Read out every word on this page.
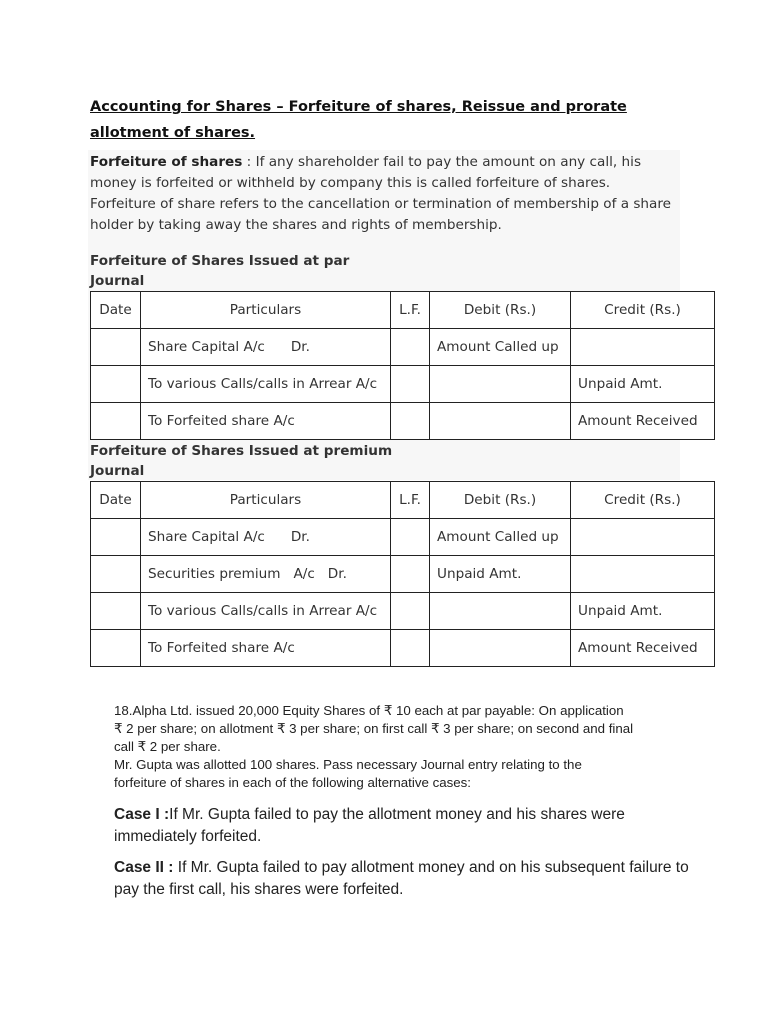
Accounting for Shares – Forfeiture of shares, Reissue and prorate allotment of shares.
Forfeiture of shares : If any shareholder fail to pay the amount on any call, his money is forfeited or withheld by company this is called forfeiture of shares.
Forfeiture of share refers to the cancellation or termination of membership of a share holder by taking away the shares and rights of membership.
Forfeiture of Shares Issued at par
Journal
Date	Particulars	L.F.	Debit (Rs.)	Credit (Rs.)
	Share Capital A/c      Dr.		Amount Called up	
	To various Calls/calls in Arrear A/c			Unpaid Amt.
	To Forfeited share A/c			Amount Received
Forfeiture of Shares Issued at premium
Journal
Date	Particulars	L.F.	Debit (Rs.)	Credit (Rs.)
	Share Capital A/c      Dr.		Amount Called up	
	Securities premium   A/c   Dr.		Unpaid Amt.	
	To various Calls/calls in Arrear A/c			Unpaid Amt.
	To Forfeited share A/c			Amount Received
18.Alpha Ltd. issued 20,000 Equity Shares of ₹ 10 each at par payable: On application
₹ 2 per share; on allotment ₹ 3 per share; on first call ₹ 3 per share; on second and final
call ₹ 2 per share.
Mr. Gupta was allotted 100 shares. Pass necessary Journal entry relating to the
forfeiture of shares in each of the following alternative cases:
Case I :If Mr. Gupta failed to pay the allotment money and his shares were immediately forfeited.
Case II : If Mr. Gupta failed to pay allotment money and on his subsequent failure to pay the first call, his shares were forfeited.
